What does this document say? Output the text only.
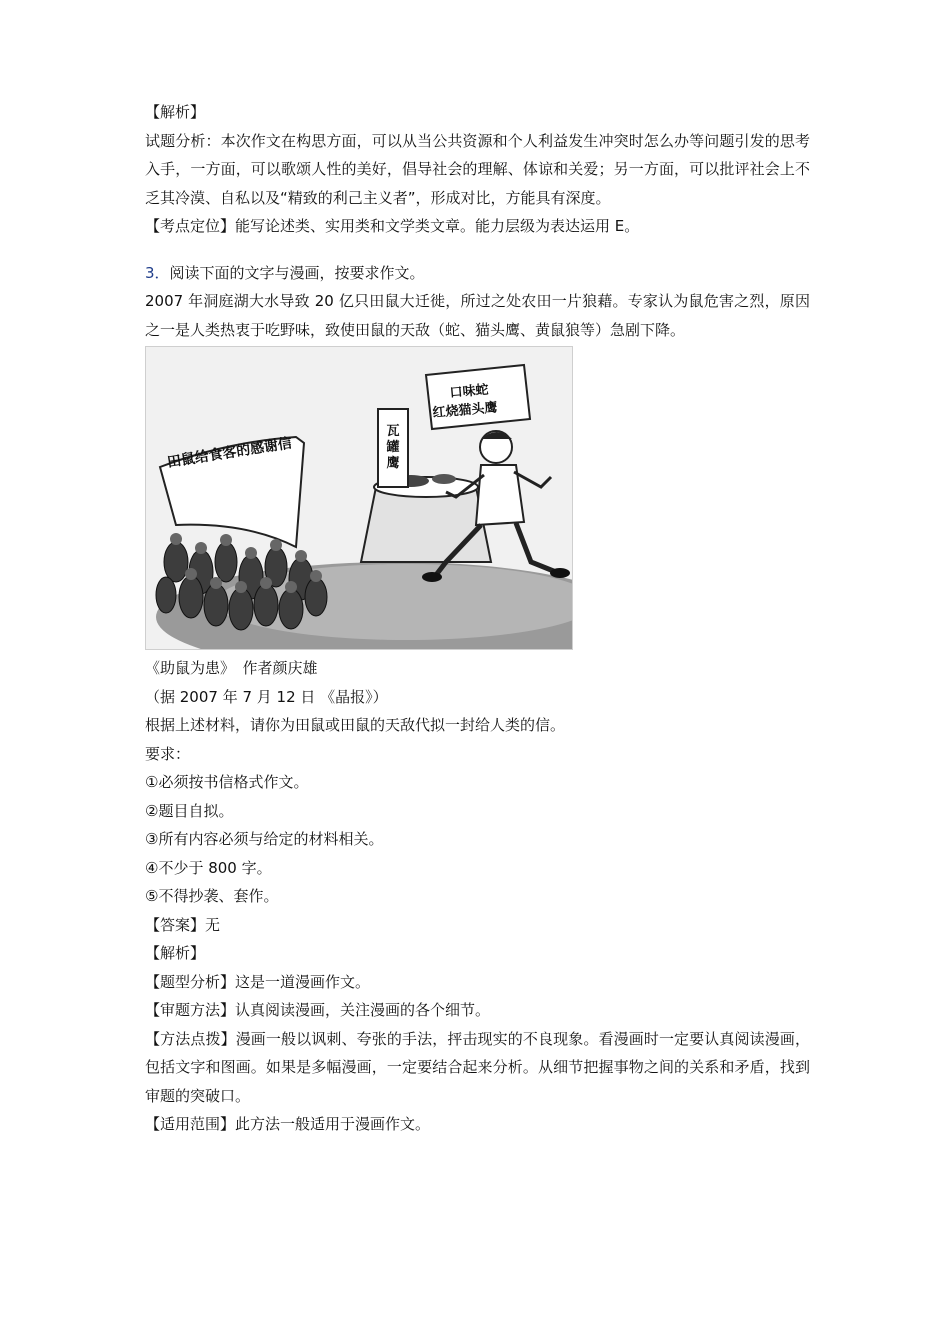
【解析】
试题分析：本次作文在构思方面，可以从当公共资源和个人利益发生冲突时怎么办等问题引发的思考入手，一方面，可以歌颂人性的美好，倡导社会的理解、体谅和关爱；另一方面，可以批评社会上不乏其冷漠、自私以及“精致的利己主义者”，形成对比，方能具有深度。
【考点定位】能写论述类、实用类和文学类文章。能力层级为表达运用 E。
3．阅读下面的文字与漫画，按要求作文。
2007 年洞庭湖大水导致 20 亿只田鼠大迁徙，所过之处农田一片狼藉。专家认为鼠危害之烈，原因之一是人类热衷于吃野味，致使田鼠的天敌（蛇、猫头鹰、黄鼠狼等）急剧下降。
田鼠给食客的感谢信
瓦罐鹰
口味蛇
红烧猫头鹰
《助鼠为患》　作者颜庆雄
（据 2007 年 7 月 12 日 《晶报》）
根据上述材料，请你为田鼠或田鼠的天敌代拟一封给人类的信。
要求：
①必须按书信格式作文。
②题目自拟。
③所有内容必须与给定的材料相关。
④不少于 800 字。
⑤不得抄袭、套作。
【答案】无
【解析】
【题型分析】这是一道漫画作文。
【审题方法】认真阅读漫画，关注漫画的各个细节。
【方法点拨】漫画一般以讽刺、夸张的手法，抨击现实的不良现象。看漫画时一定要认真阅读漫画，包括文字和图画。如果是多幅漫画，一定要结合起来分析。从细节把握事物之间的关系和矛盾，找到审题的突破口。
【适用范围】此方法一般适用于漫画作文。
